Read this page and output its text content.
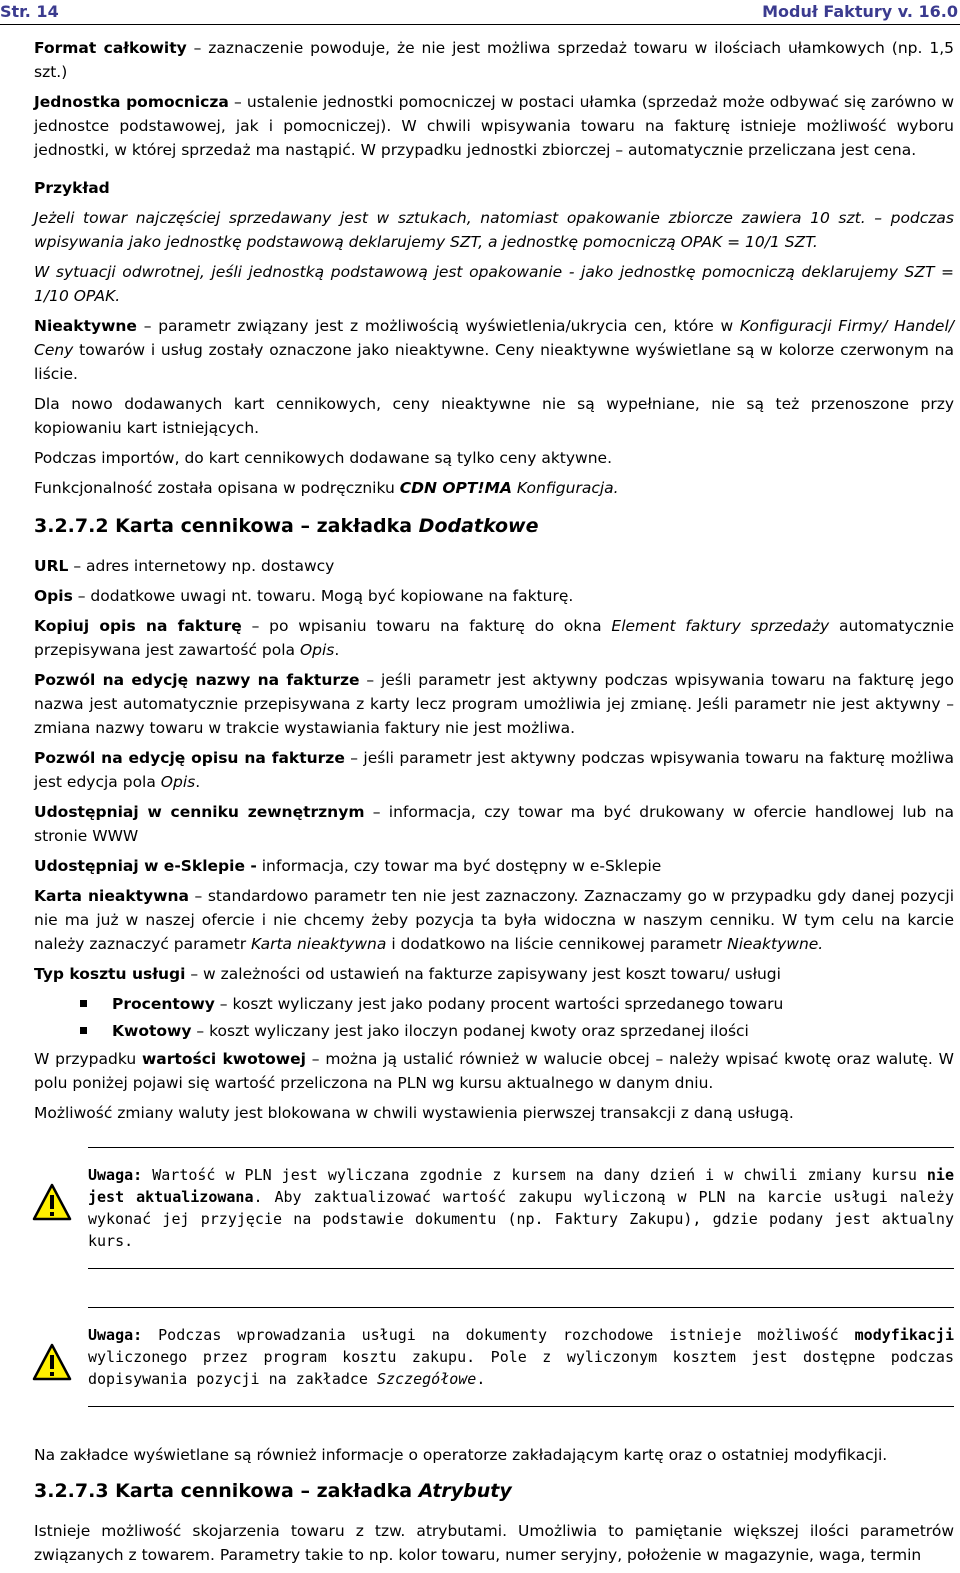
Str. 14	Moduł Faktury v. 16.0

Format całkowity – zaznaczenie powoduje, że nie jest możliwa sprzedaż towaru w ilościach ułamkowych (np. 1,5 szt.)

Jednostka pomocnicza – ustalenie jednostki pomocniczej w postaci ułamka (sprzedaż może odbywać się zarówno w jednostce podstawowej, jak i pomocniczej). W chwili wpisywania towaru na fakturę istnieje możliwość wyboru jednostki, w której sprzedaż ma nastąpić. W przypadku jednostki zbiorczej – automatycznie przeliczana jest cena.

Przykład

Jeżeli towar najczęściej sprzedawany jest w sztukach, natomiast opakowanie zbiorcze zawiera 10 szt. – podczas wpisywania jako jednostkę podstawową deklarujemy SZT, a jednostkę pomocniczą OPAK = 10/1 SZT.

W sytuacji odwrotnej, jeśli jednostką podstawową jest opakowanie - jako jednostkę pomocniczą deklarujemy SZT = 1/10 OPAK.

Nieaktywne – parametr związany jest z możliwością wyświetlenia/ukrycia cen, które w Konfiguracji Firmy/ Handel/ Ceny towarów i usług zostały oznaczone jako nieaktywne. Ceny nieaktywne wyświetlane są w kolorze czerwonym na liście.

Dla nowo dodawanych kart cennikowych, ceny nieaktywne nie są wypełniane, nie są też przenoszone przy kopiowaniu kart istniejących.

Podczas importów, do kart cennikowych dodawane są tylko ceny aktywne.

Funkcjonalność została opisana w podręczniku CDN OPT!MA Konfiguracja.

3.2.7.2 Karta cennikowa – zakładka Dodatkowe

URL – adres internetowy np. dostawcy

Opis – dodatkowe uwagi nt. towaru. Mogą być kopiowane na fakturę.

Kopiuj opis na fakturę – po wpisaniu towaru na fakturę do okna Element faktury sprzedaży automatycznie przepisywana jest zawartość pola Opis.

Pozwól na edycję nazwy na fakturze – jeśli parametr jest aktywny podczas wpisywania towaru na fakturę jego nazwa jest automatycznie przepisywana z karty lecz program umożliwia jej zmianę. Jeśli parametr nie jest aktywny – zmiana nazwy towaru w trakcie wystawiania faktury nie jest możliwa.

Pozwól na edycję opisu na fakturze – jeśli parametr jest aktywny podczas wpisywania towaru na fakturę możliwa jest edycja pola Opis.

Udostępniaj w cenniku zewnętrznym – informacja, czy towar ma być drukowany w ofercie handlowej lub na stronie WWW

Udostępniaj w e-Sklepie - informacja, czy towar ma być dostępny w e-Sklepie

Karta nieaktywna – standardowo parametr ten nie jest zaznaczony. Zaznaczamy go w przypadku gdy danej pozycji nie ma już w naszej ofercie i nie chcemy żeby pozycja ta była widoczna w naszym cenniku. W tym celu na karcie należy zaznaczyć parametr Karta nieaktywna i dodatkowo na liście cennikowej parametr Nieaktywne.

Typ kosztu usługi – w zależności od ustawień na fakturze zapisywany jest koszt towaru/ usługi

Procentowy – koszt wyliczany jest jako podany procent wartości sprzedanego towaru
Kwotowy – koszt wyliczany jest jako iloczyn podanej kwoty oraz sprzedanej ilości

W przypadku wartości kwotowej – można ją ustalić również w walucie obcej – należy wpisać kwotę oraz walutę. W polu poniżej pojawi się wartość przeliczona na PLN wg kursu aktualnego w danym dniu.

Możliwość zmiany waluty jest blokowana w chwili wystawienia pierwszej transakcji z daną usługą.

Uwaga: Wartość w PLN jest wyliczana zgodnie z kursem na dany dzień i w chwili zmiany kursu nie jest aktualizowana. Aby zaktualizować wartość zakupu wyliczoną w PLN na karcie usługi należy wykonać jej przyjęcie na podstawie dokumentu (np. Faktury Zakupu), gdzie podany jest aktualny kurs.
Uwaga: Podczas wprowadzania usługi na dokumenty rozchodowe istnieje możliwość modyfikacji wyliczonego przez program kosztu zakupu. Pole z wyliczonym kosztem jest dostępne podczas dopisywania pozycji na zakładce Szczegółowe.

Na zakładce wyświetlane są również informacje o operatorze zakładającym kartę oraz o ostatniej modyfikacji.

3.2.7.3 Karta cennikowa – zakładka Atrybuty

Istnieje możliwość skojarzenia towaru z tzw. atrybutami. Umożliwia to pamiętanie większej ilości parametrów związanych z towarem. Parametry takie to np. kolor towaru, numer seryjny, położenie w magazynie, waga, termin
